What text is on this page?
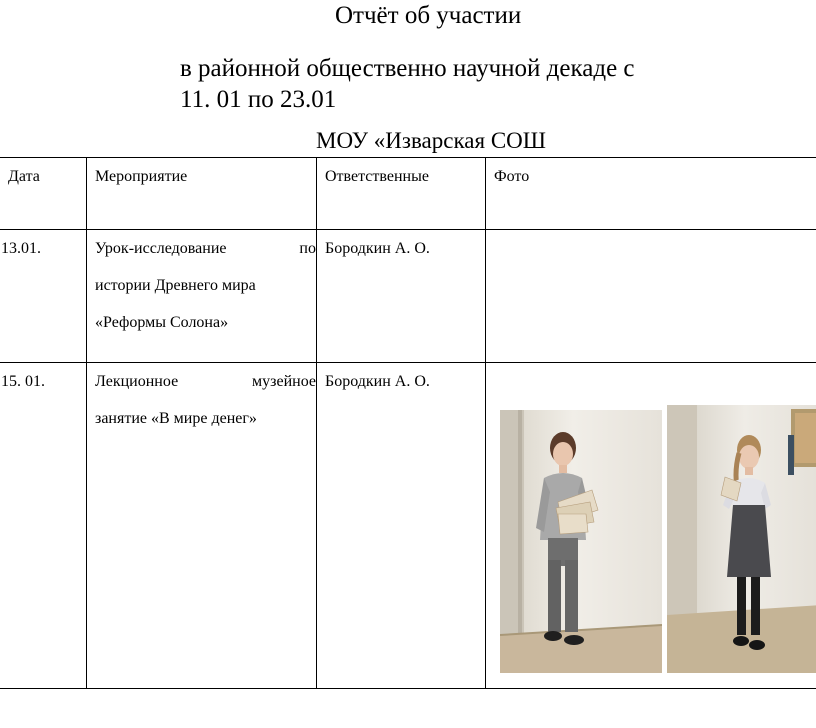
Отчёт об участии
в районной общественно научной декаде с
11. 01 по 23.01
МОУ «Изварская СОШ
Дата	Мероприятие	Ответственные	Фото

13.01.	Урок-исследование по
истории Древнего мира «Реформы Солона»	Бородкин А. О.	

15. 01.	Лекционное музейное
занятие «В мире денег»	Бородкин А. О.
